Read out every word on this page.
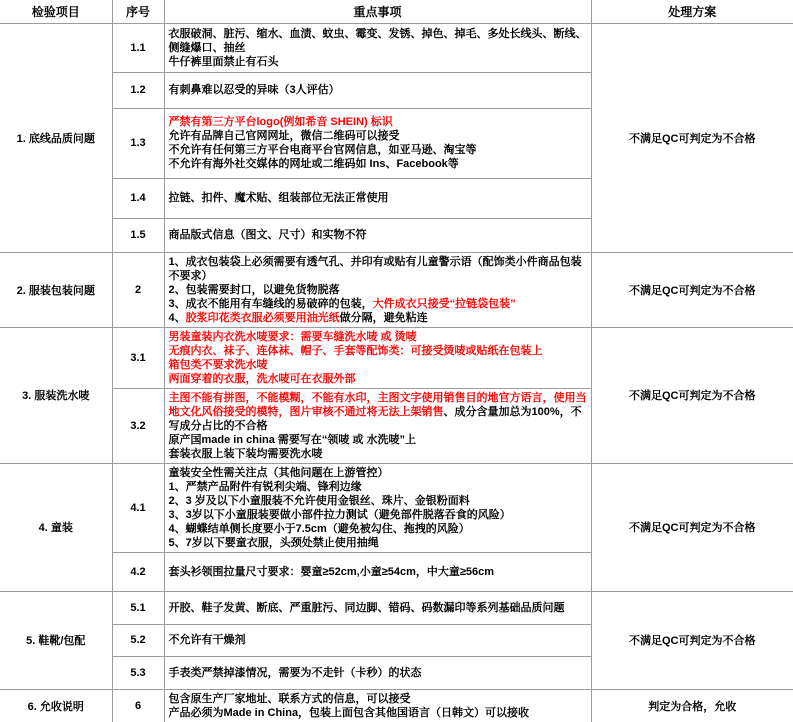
检验项目	序号	重点事项	处理方案
1. 底线品质问题	1.1	衣服破洞、脏污、缩水、血渍、蚊虫、霉变、发锈、掉色、掉毛、多处长线头、断线、侧缝爆口、抽丝
牛仔裤里面禁止有石头	不满足QC可判定为不合格
	1.2	有刺鼻难以忍受的异味（3人评估）	

	1.3	严禁有第三方平台logo(例如希音 SHEIN) 标识
允许有品牌自己官网网址，微信二维码可以接受
不允许有任何第三方平台电商平台官网信息，如亚马逊、淘宝等
不允许有海外社交媒体的网址或二维码如 Ins、Facebook等	

	1.4	拉链、扣件、魔术贴、组装部位无法正常使用	

	1.5	商品版式信息（图文、尺寸）和实物不符	

2. 服装包装问题	2	1、成衣包装袋上必须需要有透气孔、并印有或贴有儿童警示语（配饰类小件商品包装不要求）
2、包装需要封口，以避免货物脱落
3、成衣不能用有车缝线的易破碎的包装，大件成衣只接受“拉链袋包装”
4、胶浆印花类衣服必须要用油光纸做分隔，避免粘连	不满足QC可判定为不合格
3. 服装洗水唛	3.1	男装童装内衣洗水唛要求：需要车缝洗水唛 或 烫唛
无痕内衣、袜子、连体袜、帽子、手套等配饰类：可接受烫唛或贴纸在包装上
箱包类不要求洗水唛
两面穿着的衣服，洗水唛可在衣服外部	不满足QC可判定为不合格
	3.2	主图不能有拼图，不能模糊，不能有水印，主图文字使用销售目的地官方语言，使用当地文化风俗接受的模特，图片审核不通过将无法上架销售、成分含量加总为100%，不写成分占比的不合格
原产国made in china 需要写在“领唛 或 水洗唛”上
套装衣服上装下装均需要洗水唛	

4. 童装	4.1	
童装安全性需关注点（其他问题在上游管控）
1、严禁产品附件有锐利尖端、锋利边缘
2、3 岁及以下小童服装不允许使用金银丝、珠片、金银粉面料
3、3岁以下小童服装要做小部件拉力测试（避免部件脱落吞食的风险）
4、蝴蝶结单侧长度要小于7.5cm（避免被勾住、拖拽的风险）
5、7岁以下婴童衣服，头颈处禁止使用抽绳
	不满足QC可判定为不合格
	4.2	套头衫领围拉量尺寸要求：婴童≥52cm,小童≥54cm，中大童≥56cm	

5. 鞋靴/包配	5.1	开胶、鞋子发黄、断底、严重脏污、同边脚、错码、码数漏印等系列基础品质问题	不满足QC可判定为不合格
	5.2	不允许有干燥剂	

	5.3	手表类严禁掉漆情况，需要为不走针（卡秒）的状态	

6. 允收说明	6	包含原生产厂家地址、联系方式的信息，可以接受
产品必须为Made in China，包装上面包含其他国语言（日韩文）可以接收	判定为合格，允收
